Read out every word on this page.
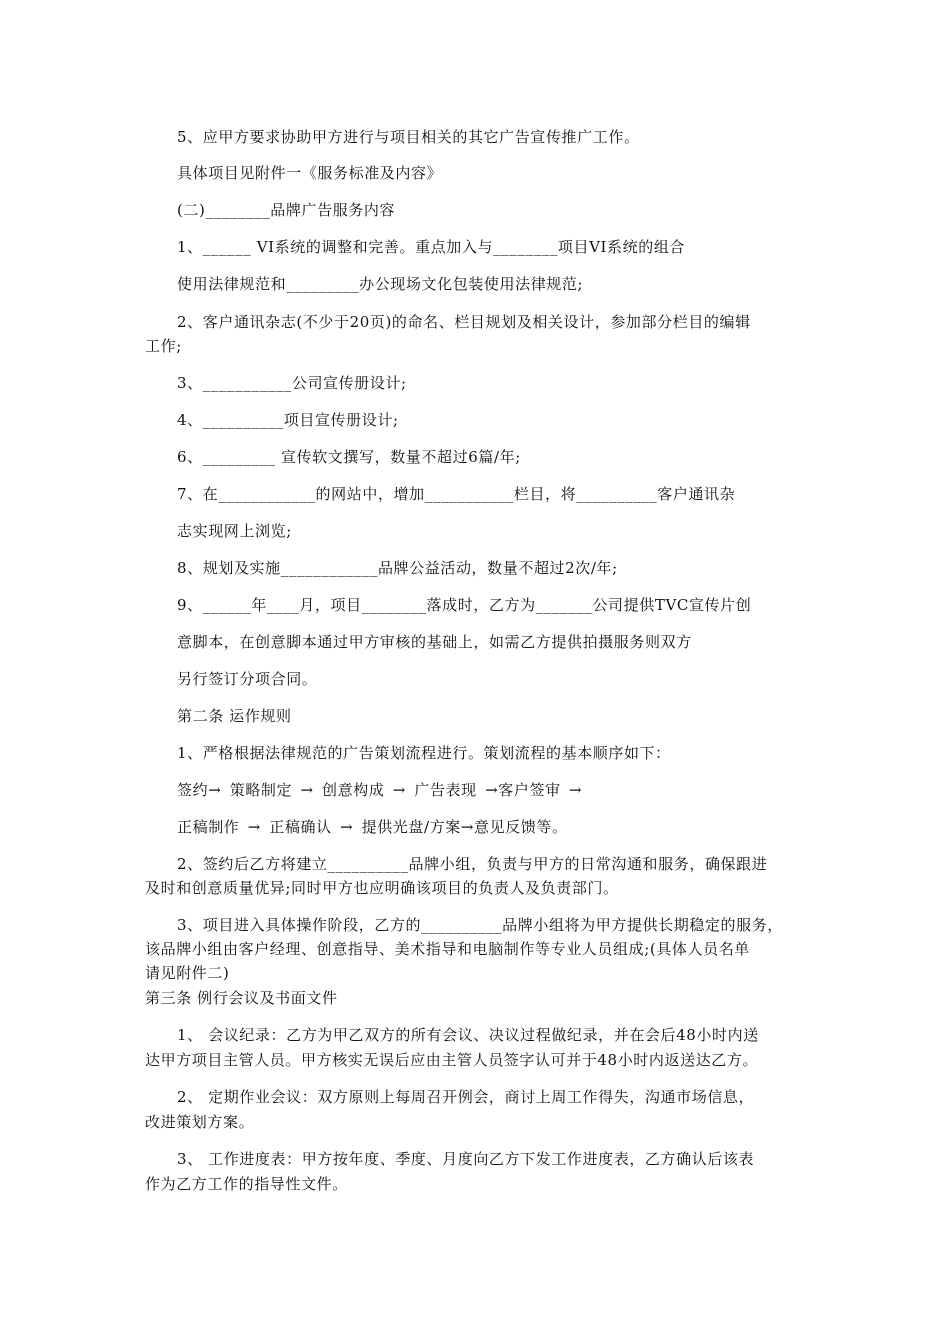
5、应甲方要求协助甲方进行与项目相关的其它广告宣传推广工作。
具体项目见附件一《服务标准及内容》
(二)________品牌广告服务内容
1、______ VI系统的调整和完善。重点加入与________项目VI系统的组合
使用法律规范和_________办公现场文化包装使用法律规范;
2、客户通讯杂志(不少于20页)的命名、栏目规划及相关设计，参加部分栏目的编辑
工作;
3、___________公司宣传册设计;
4、__________项目宣传册设计;
6、_________ 宣传软文撰写，数量不超过6篇/年;
7、在____________的网站中，增加___________栏目，将__________客户通讯杂
志实现网上浏览;
8、规划及实施____________品牌公益活动，数量不超过2次/年;
9、______年____月，项目________落成时，乙方为_______公司提供TVC宣传片创
意脚本，在创意脚本通过甲方审核的基础上，如需乙方提供拍摄服务则双方
另行签订分项合同。
第二条 运作规则
1、严格根据法律规范的广告策划流程进行。策划流程的基本顺序如下：
签约→ 策略制定 → 创意构成 → 广告表现 →客户签审 →
正稿制作 → 正稿确认 → 提供光盘/方案→意见反馈等。
2、签约后乙方将建立__________品牌小组，负责与甲方的日常沟通和服务，确保跟进
及时和创意质量优异;同时甲方也应明确该项目的负责人及负责部门。
3、项目进入具体操作阶段，乙方的__________品牌小组将为甲方提供长期稳定的服务，
该品牌小组由客户经理、创意指导、美术指导和电脑制作等专业人员组成;(具体人员名单
请见附件二)
第三条 例行会议及书面文件
1、 会议纪录：乙方为甲乙双方的所有会议、决议过程做纪录，并在会后48小时内送
达甲方项目主管人员。甲方核实无误后应由主管人员签字认可并于48小时内返送达乙方。
2、 定期作业会议：双方原则上每周召开例会，商讨上周工作得失，沟通市场信息，
改进策划方案。
3、 工作进度表：甲方按年度、季度、月度向乙方下发工作进度表，乙方确认后该表
作为乙方工作的指导性文件。
